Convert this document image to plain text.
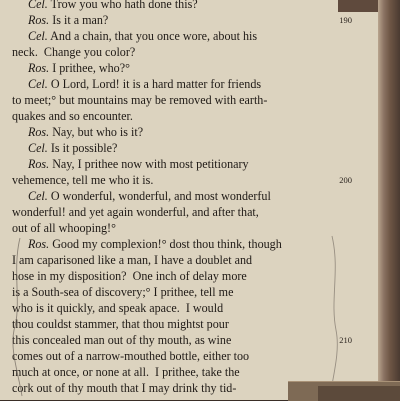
Cel. Trow you who hath done this?
Ros. Is it a man?	190
Cel. And a chain, that you once wore, about his
neck.  Change you color?
Ros. I prithee, who?°
Cel. O Lord, Lord! it is a hard matter for friends
to meet;° but mountains may be removed with earth-
quakes and so encounter.
Ros. Nay, but who is it?
Cel. Is it possible?
Ros. Nay, I prithee now with most petitionary
vehemence, tell me who it is.	200
Cel. O wonderful, wonderful, and most wonderful
wonderful! and yet again wonderful, and after that,
out of all whooping!°
Ros. Good my complexion!° dost thou think, though
I am caparisoned like a man, I have a doublet and
hose in my disposition?  One inch of delay more
is a South-sea of discovery;° I prithee, tell me
who is it quickly, and speak apace.  I would
thou couldst stammer, that thou mightst pour
this concealed man out of thy mouth, as wine	210
comes out of a narrow-mouthed bottle, either too
much at once, or none at all.  I prithee, take the
cork out of thy mouth that I may drink thy tid-
